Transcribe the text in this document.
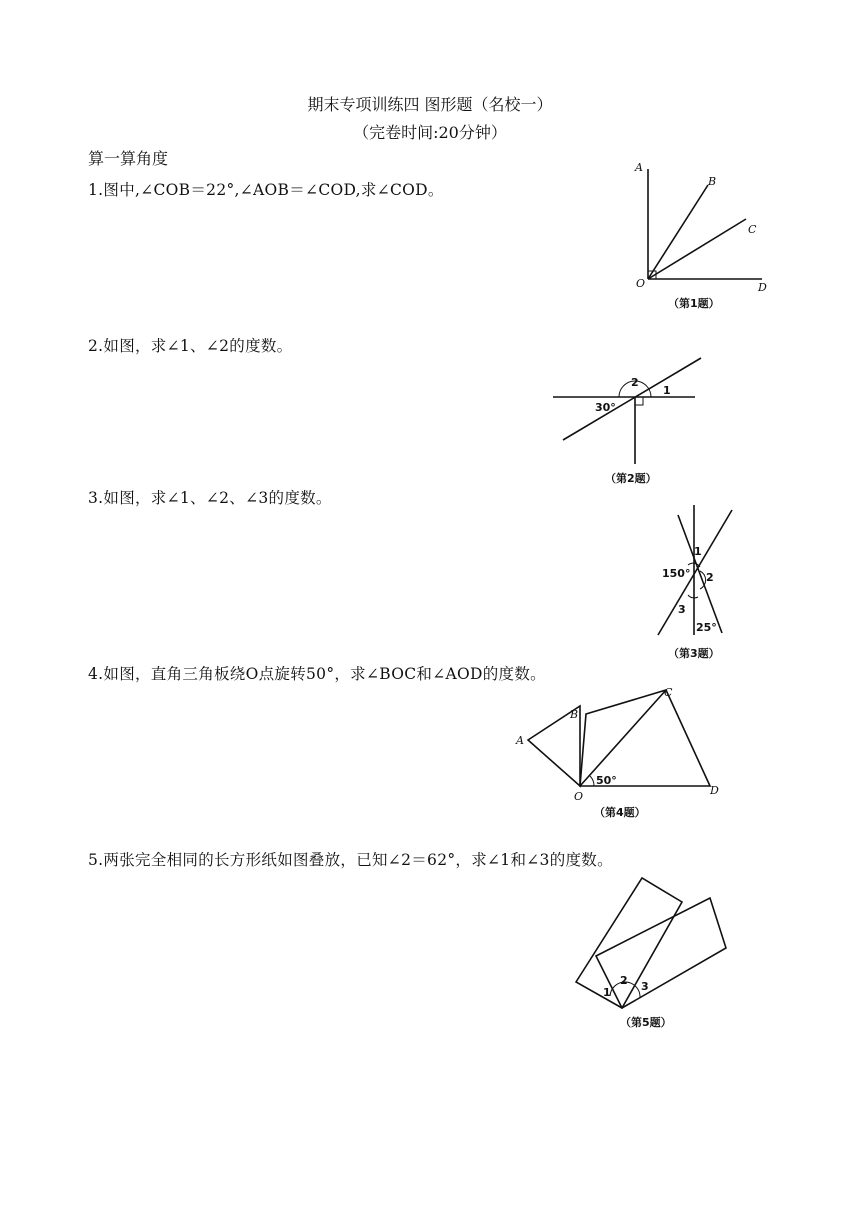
期末专项训练四 图形题（名校一）
（完卷时间:20分钟）
算一算角度
1.图中,∠COB＝22°,∠AOB＝∠COD,求∠COD。
2.如图，求∠1、∠2的度数。
3.如图，求∠1、∠2、∠3的度数。
4.如图，直角三角板绕O点旋转50°，求∠BOC和∠AOD的度数。
5.两张完全相同的长方形纸如图叠放，已知∠2＝62°，求∠1和∠3的度数。
A
B
C
O	D
（第1题）
1
2
30°
（第2题）
1
2
3
150°
25°
（第3题）
A
B
C
O	D
50°
（第4题）
1
2 3
（第5题）
